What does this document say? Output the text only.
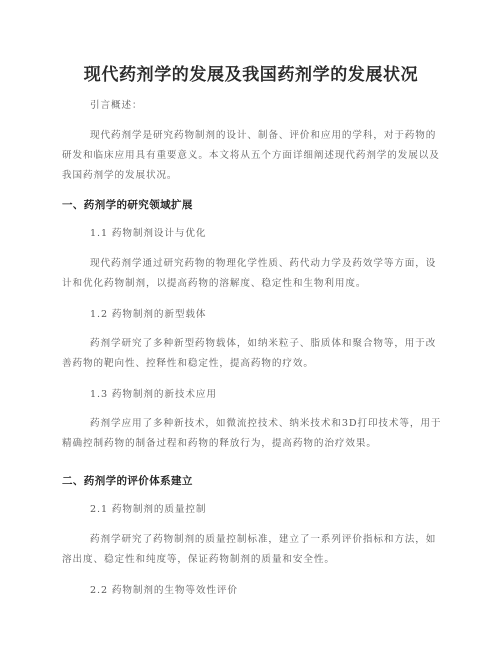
现代药剂学的发展及我国药剂学的发展状况
引言概述：
现代药剂学是研究药物制剂的设计、制备、评价和应用的学科，对于药物的研发和临床应用具有重要意义。本文将从五个方面详细阐述现代药剂学的发展以及我国药剂学的发展状况。
一、药剂学的研究领域扩展
1.1 药物制剂设计与优化
现代药剂学通过研究药物的物理化学性质、药代动力学及药效学等方面，设计和优化药物制剂，以提高药物的溶解度、稳定性和生物利用度。
1.2 药物制剂的新型载体
药剂学研究了多种新型药物载体，如纳米粒子、脂质体和聚合物等，用于改善药物的靶向性、控释性和稳定性，提高药物的疗效。
1.3 药物制剂的新技术应用
药剂学应用了多种新技术，如微流控技术、纳米技术和3D打印技术等，用于精确控制药物的制备过程和药物的释放行为，提高药物的治疗效果。
二、药剂学的评价体系建立
2.1 药物制剂的质量控制
药剂学研究了药物制剂的质量控制标准，建立了一系列评价指标和方法，如溶出度、稳定性和纯度等，保证药物制剂的质量和安全性。
2.2 药物制剂的生物等效性评价
